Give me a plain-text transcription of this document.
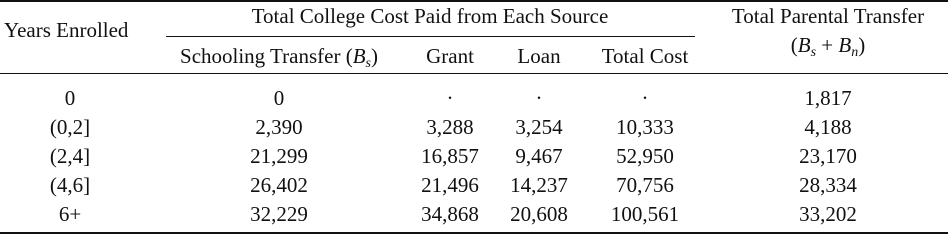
Years Enrolled
Total College Cost Paid from Each Source
Schooling Transfer $(B_s)$ Grant Loan Total Cost
Total Parental Transfer
$(B_s + B_n)$
0	0	·	·	·	1,817
(0,2]	2,390	3,288 3,254	10,333	4,188
(2,4]	21,299	16,857 9,467	52,950	23,170
(4,6]	26,402	21,496 14,237 70,756	28,334
6+	32,229	34,868 20,608 100,561	33,202
